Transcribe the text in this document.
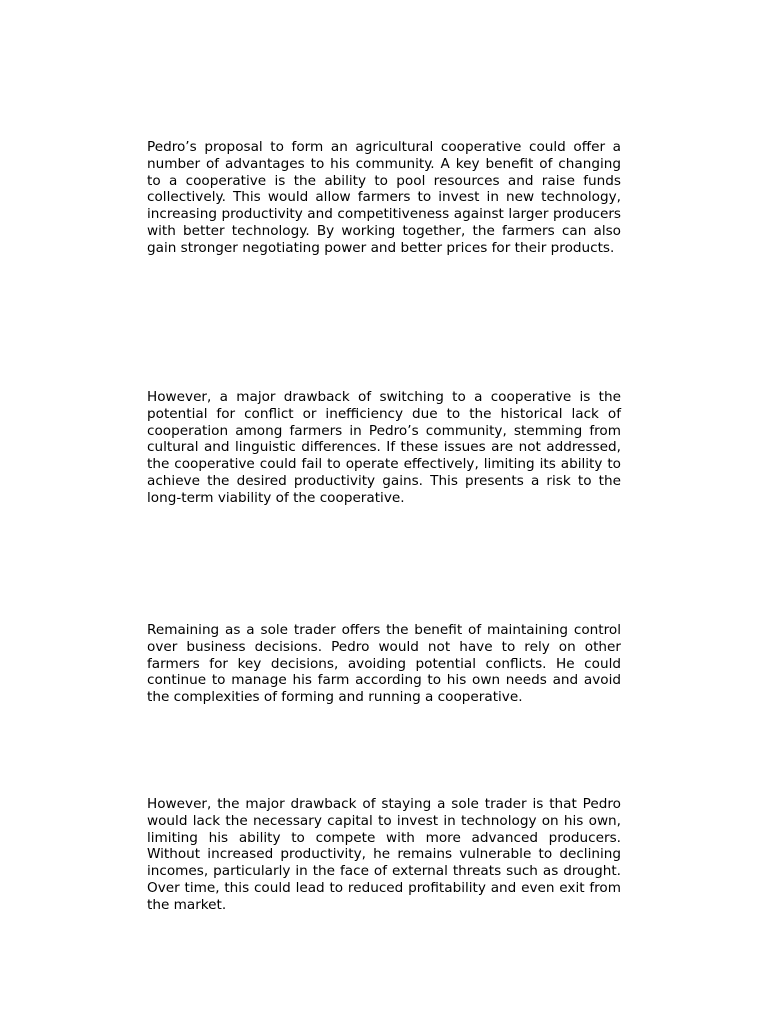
Pedro’s proposal to form an agricultural cooperative could offer a number of advantages to his community. A key benefit of changing to a cooperative is the ability to pool resources and raise funds collectively. This would allow farmers to invest in new technology, increasing productivity and competitiveness against larger producers with better technology. By working together, the farmers can also gain stronger negotiating power and better prices for their products.

However, a major drawback of switching to a cooperative is the potential for conflict or inefficiency due to the historical lack of cooperation among farmers in Pedro’s community, stemming from cultural and linguistic differences. If these issues are not addressed, the cooperative could fail to operate effectively, limiting its ability to achieve the desired productivity gains. This presents a risk to the long-term viability of the cooperative.

Remaining as a sole trader offers the benefit of maintaining control over business decisions. Pedro would not have to rely on other farmers for key decisions, avoiding potential conflicts. He could continue to manage his farm according to his own needs and avoid the complexities of forming and running a cooperative.

However, the major drawback of staying a sole trader is that Pedro would lack the necessary capital to invest in technology on his own, limiting his ability to compete with more advanced producers. Without increased productivity, he remains vulnerable to declining incomes, particularly in the face of external threats such as drought. Over time, this could lead to reduced profitability and even exit from the market.
